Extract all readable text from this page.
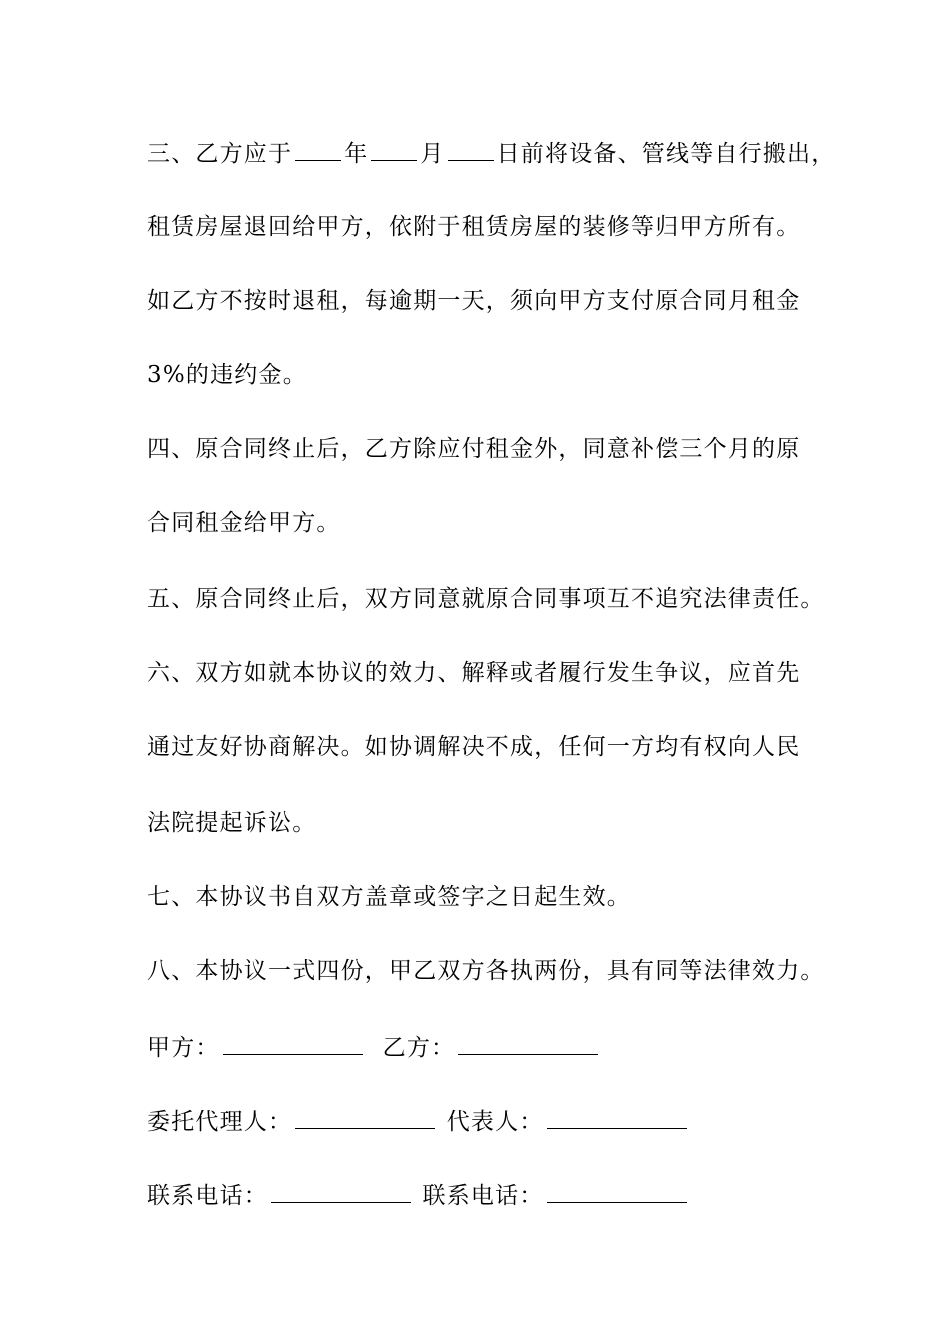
三、乙方应于 年 月 日前将设备、管线等自行搬出，
租赁房屋退回给甲方，依附于租赁房屋的装修等归甲方所有。
如乙方不按时退租，每逾期一天，须向甲方支付原合同月租金
3%的违约金。
四、原合同终止后，乙方除应付租金外，同意补偿三个月的原
合同租金给甲方。
五、原合同终止后，双方同意就原合同事项互不追究法律责任。
六、双方如就本协议的效力、解释或者履行发生争议，应首先
通过友好协商解决。如协调解决不成，任何一方均有权向人民
法院提起诉讼。
七、本协议书自双方盖章或签字之日起生效。
八、本协议一式四份，甲乙双方各执两份，具有同等法律效力。
甲方：	乙方：
委托代理人：	代表人：
联系电话：	联系电话：
